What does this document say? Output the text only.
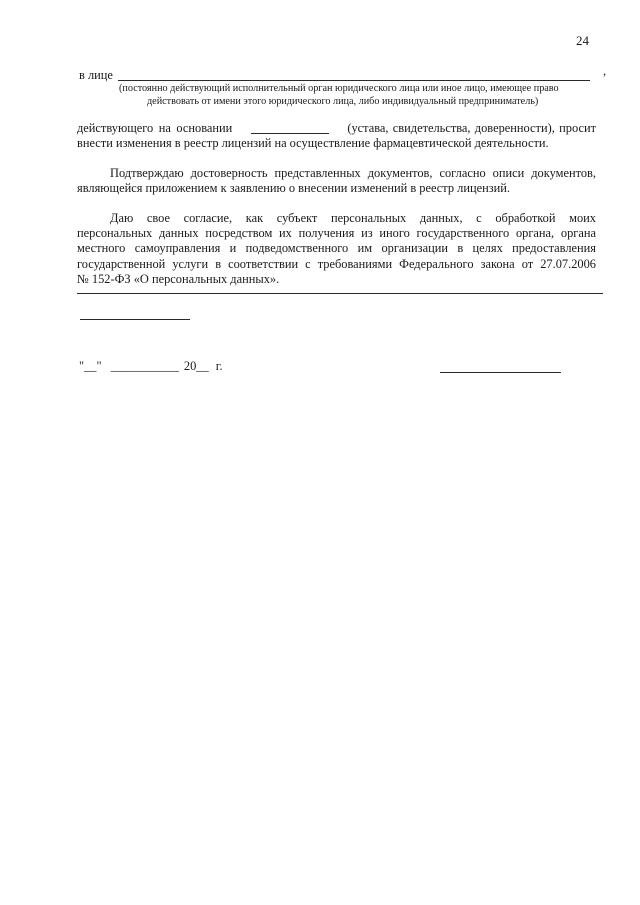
24
в лице	,
(постоянно действующий исполнительный орган юридического лица или иное лицо, имеющее право
действовать от имени этого юридического лица, либо индивидуальный предприниматель)
действующего на основании	(устава, свидетельства, доверенности), просит
внести изменения в реестр лицензий на осуществление фармацевтической деятельности.
Подтверждаю достоверность представленных документов, согласно описи документов,
являющейся приложением к заявлению о внесении изменений в реестр лицензий.
Даю свое согласие, как субъект персональных данных, с обработкой моих
персональных данных посредством их получения из иного государственного органа, органа
местного самоуправления и подведомственного им организации в целях предоставления
государственной услуги в соответствии с требованиями Федерального закона от 27.07.2006
№ 152-ФЗ «О персональных данных».
"__" ___________ 20__ г.
